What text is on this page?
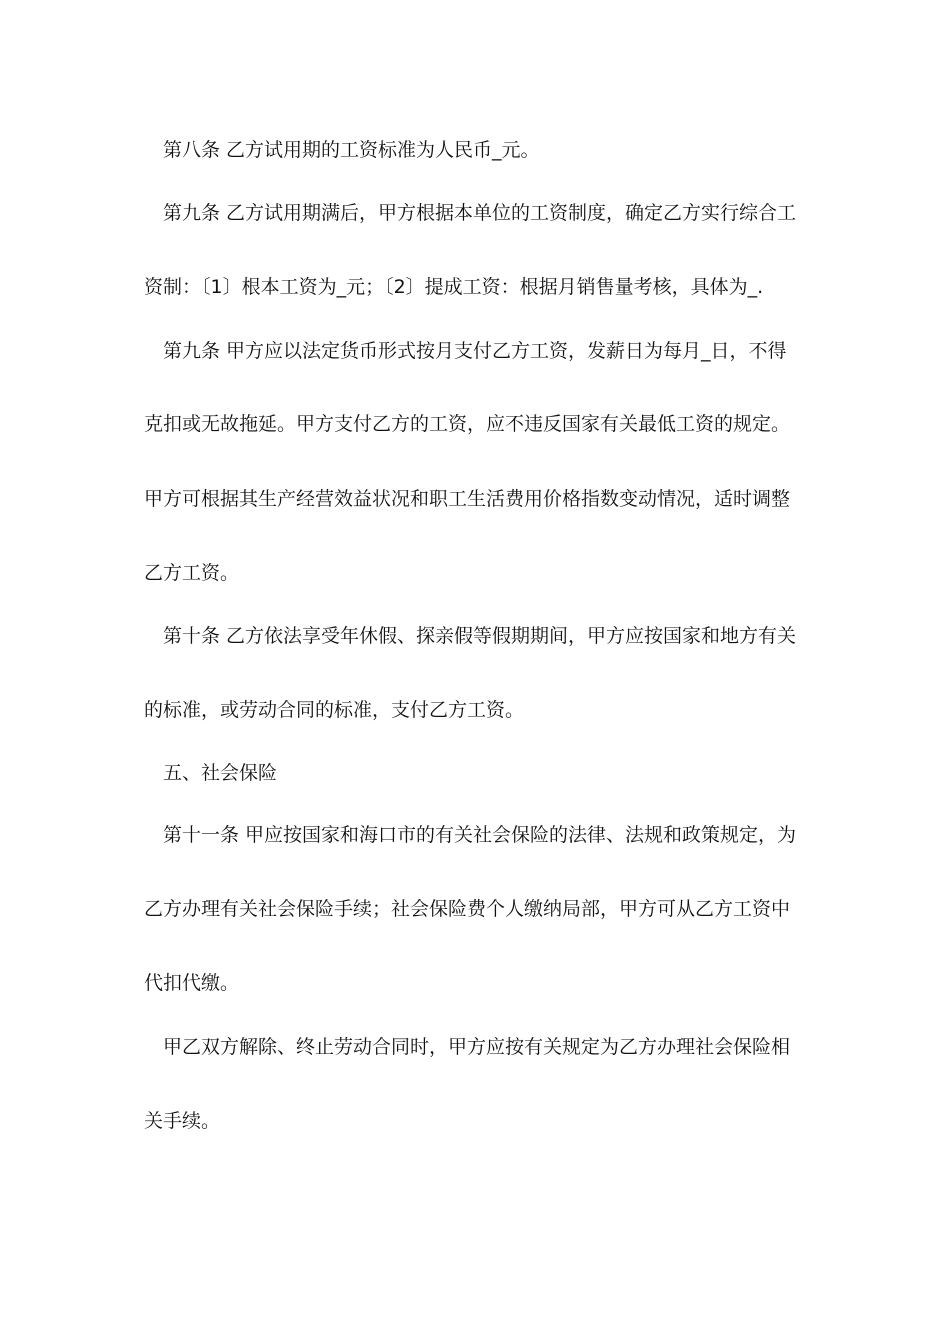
第八条 乙方试用期的工资标准为人民币_元。
第九条 乙方试用期满后，甲方根据本单位的工资制度，确定乙方实行综合工
资制：〔1〕根本工资为_元；〔2〕提成工资：根据月销售量考核，具体为_.
第九条 甲方应以法定货币形式按月支付乙方工资，发薪日为每月_日，不得
克扣或无故拖延。甲方支付乙方的工资，应不违反国家有关最低工资的规定。
甲方可根据其生产经营效益状况和职工生活费用价格指数变动情况，适时调整
乙方工资。
第十条 乙方依法享受年休假、探亲假等假期期间，甲方应按国家和地方有关
的标准，或劳动合同的标准，支付乙方工资。
五、社会保险
第十一条 甲应按国家和海口市的有关社会保险的法律、法规和政策规定，为
乙方办理有关社会保险手续；社会保险费个人缴纳局部，甲方可从乙方工资中
代扣代缴。
甲乙双方解除、终止劳动合同时，甲方应按有关规定为乙方办理社会保险相
关手续。
